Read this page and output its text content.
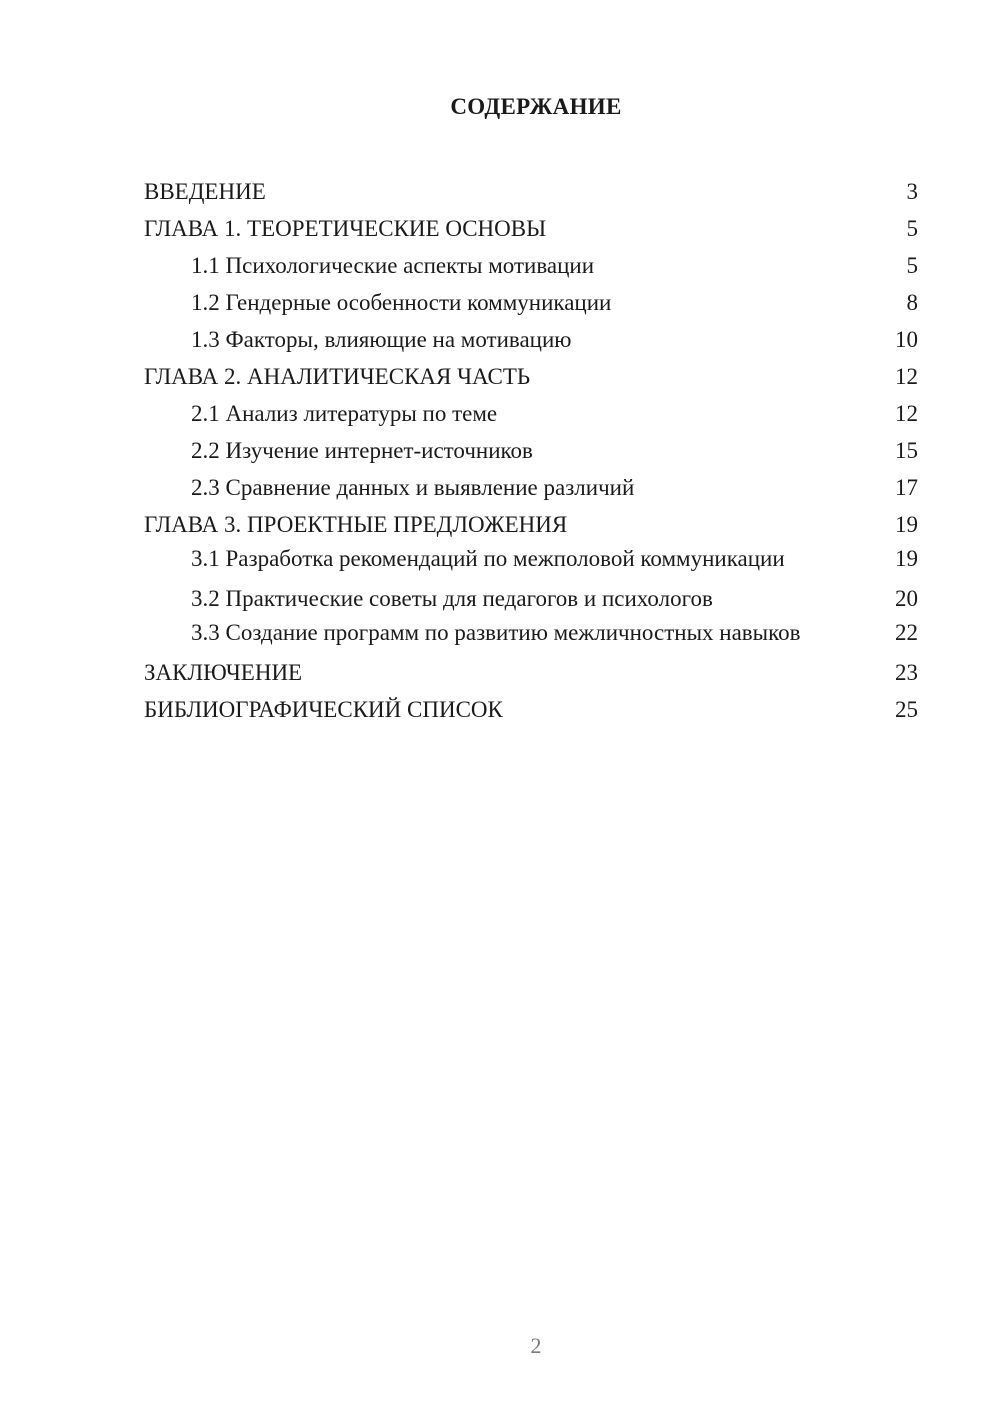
СОДЕРЖАНИЕ
ВВЕДЕНИЕ	3
ГЛАВА 1. ТЕОРЕТИЧЕСКИЕ ОСНОВЫ	5
1.1 Психологические аспекты мотивации	5
1.2 Гендерные особенности коммуникации	8
1.3 Факторы, влияющие на мотивацию	10
ГЛАВА 2. АНАЛИТИЧЕСКАЯ ЧАСТЬ	12
2.1 Анализ литературы по теме	12
2.2 Изучение интернет-источников	15
2.3 Сравнение данных и выявление различий	17
ГЛАВА 3. ПРОЕКТНЫЕ ПРЕДЛОЖЕНИЯ	19
3.1 Разработка рекомендаций по межполовой коммуникации	19
3.2 Практические советы для педагогов и психологов	20
3.3 Создание программ по развитию межличностных навыков	22
ЗАКЛЮЧЕНИЕ	23
БИБЛИОГРАФИЧЕСКИЙ СПИСОК	25
2
